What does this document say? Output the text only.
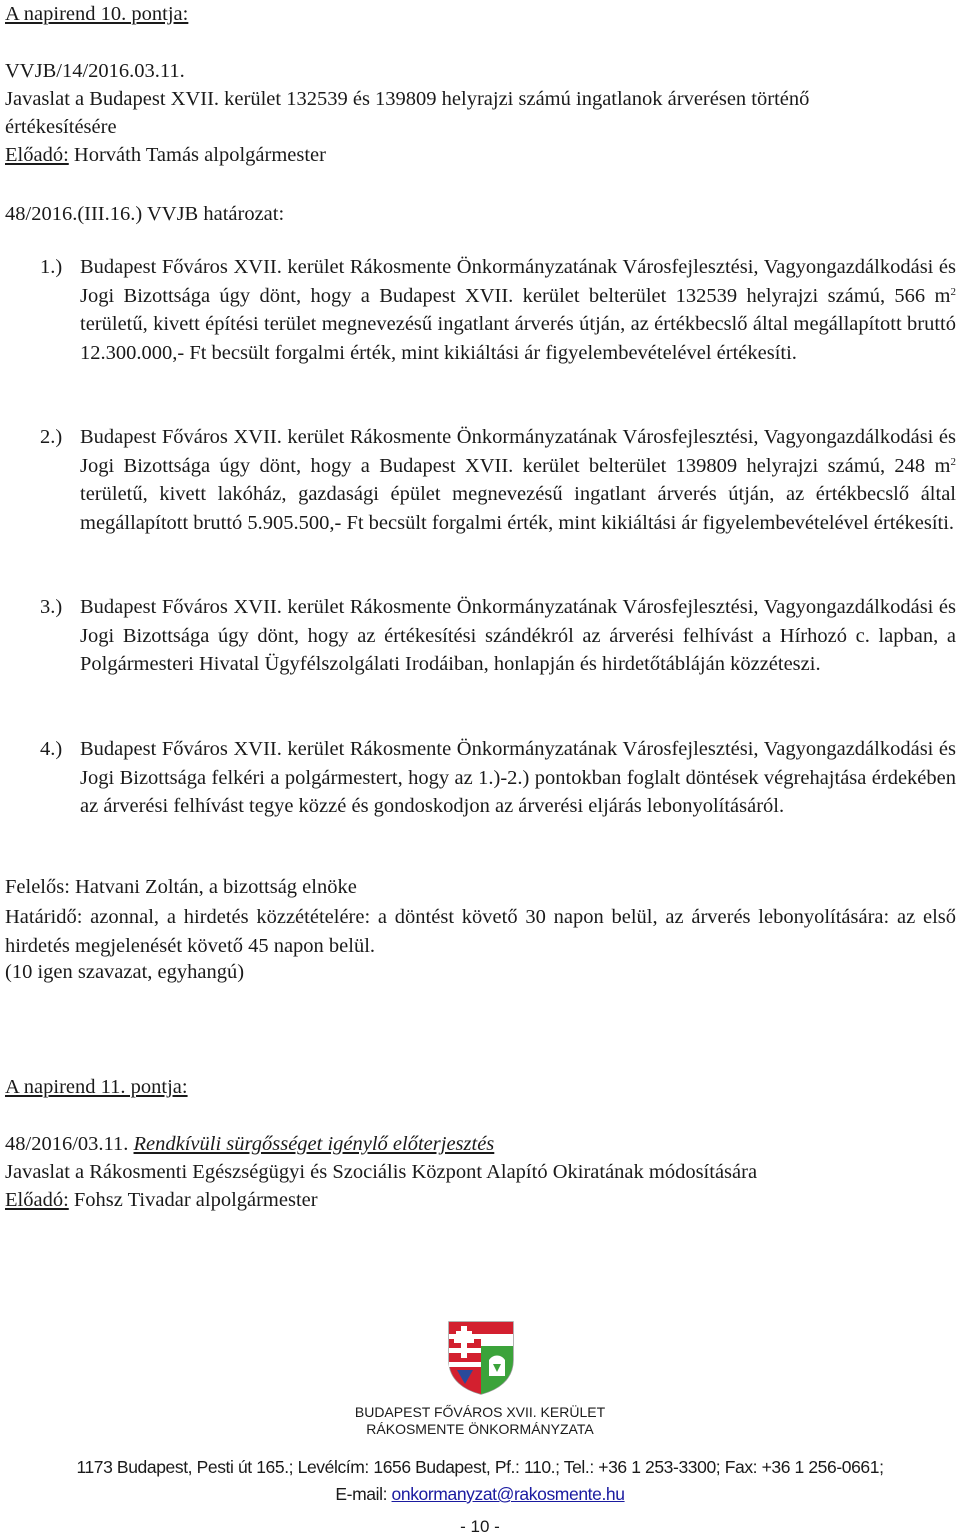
A napirend 10. pontja:
VVJB/14/2016.03.11.
Javaslat a Budapest XVII. kerület 132539 és 139809 helyrajzi számú ingatlanok árverésen történő
értékesítésére
Előadó: Horváth Tamás alpolgármester
48/2016.(III.16.) VVJB határozat:

1.) Budapest Főváros XVII. kerület Rákosmente Önkormányzatának Városfejlesztési, Vagyongazdálkodási és Jogi Bizottsága úgy dönt, hogy a Budapest XVII. kerület belterület 132539 helyrajzi számú, 566 $m^2$ területű, kivett építési terület megnevezésű ingatlant árverés útján, az értékbecslő által megállapított bruttó 12.300.000,- Ft becsült forgalmi érték, mint kikiáltási ár figyelembevételével értékesíti.

2.) Budapest Főváros XVII. kerület Rákosmente Önkormányzatának Városfejlesztési, Vagyongazdálkodási és Jogi Bizottsága úgy dönt, hogy a Budapest XVII. kerület belterület 139809 helyrajzi számú, 248 $m^2$ területű, kivett lakóház, gazdasági épület megnevezésű ingatlant árverés útján, az értékbecslő által megállapított bruttó 5.905.500,- Ft becsült forgalmi érték, mint kikiáltási ár figyelembevételével értékesíti.

3.) Budapest Főváros XVII. kerület Rákosmente Önkormányzatának Városfejlesztési, Vagyongazdálkodási és Jogi Bizottsága úgy dönt, hogy az értékesítési szándékról az árverési felhívást a Hírhozó c. lapban, a Polgármesteri Hivatal Ügyfélszolgálati Irodáiban, honlapján és hirdetőtábláján közzéteszi.

4.) Budapest Főváros XVII. kerület Rákosmente Önkormányzatának Városfejlesztési, Vagyongazdálkodási és Jogi Bizottsága felkéri a polgármestert, hogy az 1.)-2.) pontokban foglalt döntések végrehajtása érdekében az árverési felhívást tegye közzé és gondoskodjon az árverési eljárás lebonyolításáról.

Felelős: Hatvani Zoltán, a bizottság elnöke

Határidő: azonnal, a hirdetés közzétételére: a döntést követő 30 napon belül, az árverés lebonyolítására: az első hirdetés megjelenését követő 45 napon belül.

(10 igen szavazat, egyhangú)
A napirend 11. pontja:
48/2016/03.11. Rendkívüli sürgősséget igénylő előterjesztés
Javaslat a Rákosmenti Egészségügyi és Szociális Központ Alapító Okiratának módosítására
Előadó: Fohsz Tivadar alpolgármester
BUDAPEST FŐVÁROS XVII. KERÜLET
RÁKOSMENTE ÖNKORMÁNYZATA
1173 Budapest, Pesti út 165.; Levélcím: 1656 Budapest, Pf.: 110.; Tel.: +36 1 253-3300; Fax: +36 1 256-0661;
E-mail: onkormanyzat@rakosmente.hu
- 10 -
